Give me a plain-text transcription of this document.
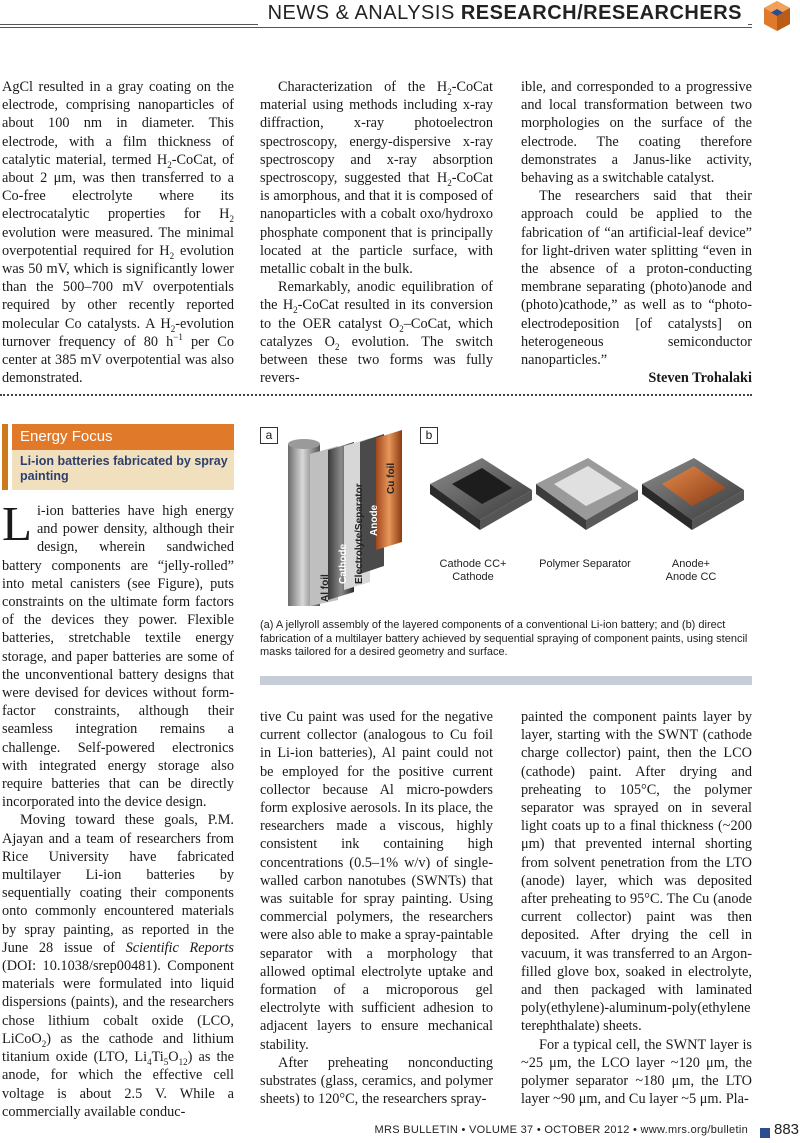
NEWS & ANALYSIS RESEARCH/RESEARCHERS

AgCl resulted in a gray coating on the electrode, comprising nanoparticles of about 100 nm in diameter. This electrode, with a film thickness of catalytic material, termed $H_2$-CoCat, of about 2 μm, was then transferred to a Co-free electrolyte where its electrocatalytic properties for $H_2$ evolution were measured. The minimal overpotential required for $H_2$ evolution was 50 mV, which is significantly lower than the 500–700 mV overpotentials required by other recently reported molecular Co catalysts. A $H_2$-evolution turnover frequency of 80 $h^{-1}$ per Co center at 385 mV overpotential was also demonstrated.

Characterization of the $H_2$-CoCat material using methods including x-ray diffraction, x-ray photoelectron spectroscopy, energy-dispersive x-ray spectroscopy and x-ray absorption spectroscopy, suggested that $H_2$-CoCat is amorphous, and that it is composed of nanoparticles with a cobalt oxo/hydroxo phosphate component that is principally located at the particle surface, with metallic cobalt in the bulk.

Remarkably, anodic equilibration of the $H_2$-CoCat resulted in its conversion to the OER catalyst $O_2$–CoCat, which catalyzes $O_2$ evolution. The switch between these two forms was fully revers-

ible, and corresponded to a progressive and local transformation between two morphologies on the surface of the electrode. The coating therefore demonstrates a Janus-like activity, behaving as a switchable catalyst.

The researchers said that their approach could be applied to the fabrication of “an artificial-leaf device” for light-driven water splitting “even in the absence of a proton-conducting membrane separating (photo)anode and (photo)cathode,” as well as to “photo-electrodeposition [of catalysts] on heterogeneous semiconductor nanoparticles.”

Steven Trohalaki

Energy Focus
Li-ion batteries fabricated by spray painting

Li-ion batteries have high energy and power density, although their design, wherein sandwiched battery components are “jelly-rolled” into metal canisters (see Figure), puts constraints on the ultimate form factors of the devices they power. Flexible batteries, stretchable textile energy storage, and paper batteries are some of the unconventional battery designs that were devised for devices without form-factor constraints, although their seamless integration remains a challenge. Self-powered electronics with integrated energy storage also require batteries that can be directly incorporated into the device design.

Moving toward these goals, P.M. Ajayan and a team of researchers from Rice University have fabricated multilayer Li-ion batteries by sequentially coating their components onto commonly encountered materials by spray painting, as reported in the June 28 issue of Scientific Reports (DOI: 10.1038/srep00481). Component materials were formulated into liquid dispersions (paints), and the researchers chose lithium cobalt oxide (LCO, LiCoO$_2$) as the cathode and lithium titanium oxide (LTO, $Li_4Ti_5O_{12}$) as the anode, for which the effective cell voltage is about 2.5 V. While a commercially available conduc-

a	b
Al foil
Cathode Electrolyte/Separator Anode
Cu foil
Cathode CC+
Cathode
Polymer Separator	Anode+
Anode CC
(a) A jellyroll assembly of the layered components of a conventional Li-ion battery; and (b) direct fabrication of a multilayer battery achieved by sequential spraying of component paints, using stencil masks tailored for a desired geometry and surface.

tive Cu paint was used for the negative current collector (analogous to Cu foil in Li-ion batteries), Al paint could not be employed for the positive current collector because Al micro-powders form explosive aerosols. In its place, the researchers made a viscous, highly consistent ink containing high concentrations (0.5–1% w/v) of single-walled carbon nanotubes (SWNTs) that was suitable for spray painting. Using commercial polymers, the researchers were also able to make a spray-paintable separator with a morphology that allowed optimal electrolyte uptake and formation of a microporous gel electrolyte with sufficient adhesion to adjacent layers to ensure mechanical stability.

After preheating nonconducting substrates (glass, ceramics, and polymer sheets) to 120°C, the researchers spray-

painted the component paints layer by layer, starting with the SWNT (cathode charge collector) paint, then the LCO (cathode) paint. After drying and preheating to 105°C, the polymer separator was sprayed on in several light coats up to a final thickness (~200 μm) that prevented internal shorting from solvent penetration from the LTO (anode) layer, which was deposited after preheating to 95°C. The Cu (anode current collector) paint was then deposited. After drying the cell in vacuum, it was transferred to an Argon-filled glove box, soaked in electrolyte, and then packaged with laminated poly(ethylene)-aluminum-poly(ethylene terephthalate) sheets.

For a typical cell, the SWNT layer is ~25 μm, the LCO layer ~120 μm, the polymer separator ~180 μm, the LTO layer ~90 μm, and Cu layer ~5 μm. Pla-

MRS BULLETIN • VOLUME 37 • OCTOBER 2012 • www.mrs.org/bulletin 883
